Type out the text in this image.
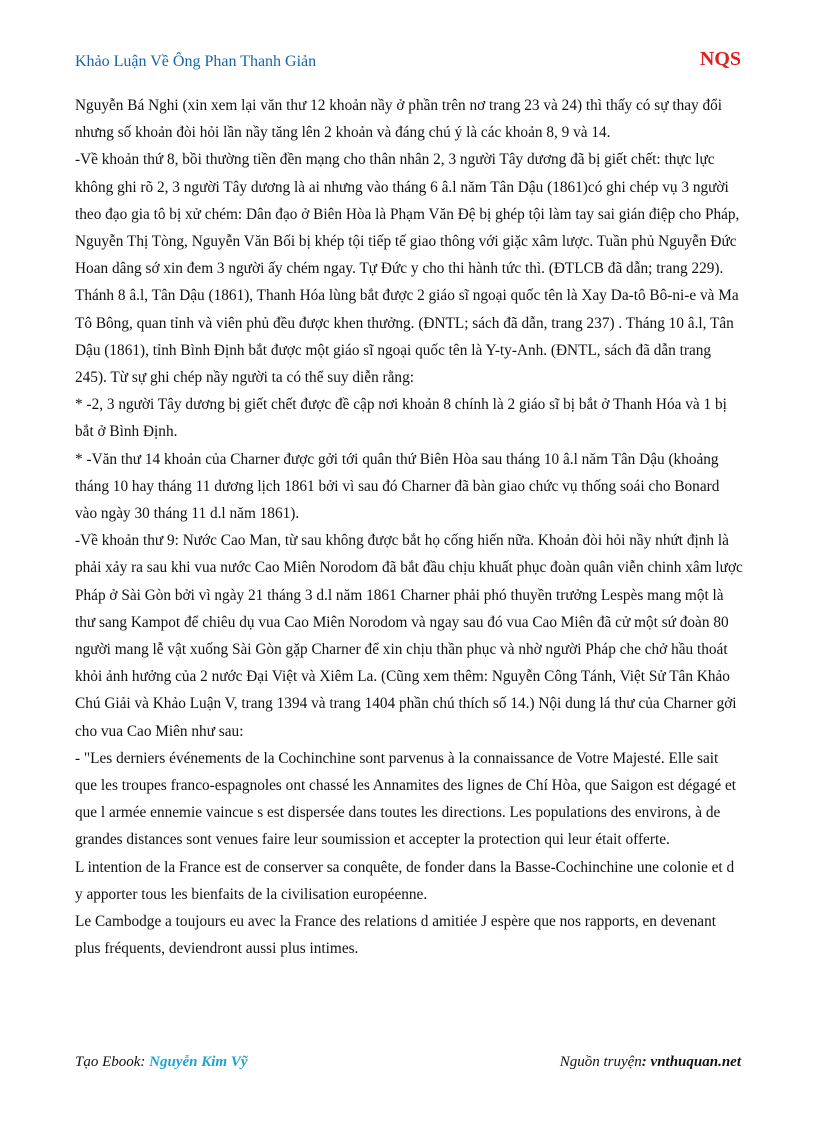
Khảo Luận Về Ông Phan Thanh Giản	NQS

Nguyễn Bá Nghi (xin xem lại văn thư 12 khoản nầy ở phần trên nơ trang 23 và 24) thì thấy có sự thay đổi nhưng số khoản đòi hỏi lần nầy tăng lên 2 khoản và đáng chú ý là các khoản 8, 9 và 14.

-Về khoản thứ 8, bồi thường tiền đền mạng cho thân nhân 2, 3 người Tây dương đã bị giết chết: thực lực không ghi rõ 2, 3 người Tây dương là ai nhưng vào tháng 6 â.l năm Tân Dậu (1861)có ghi chép vụ 3 người theo đạo gia tô bị xử chém: Dân đạo ở Biên Hòa là Phạm Văn Đệ bị ghép tội làm tay sai gián điệp cho Pháp, Nguyễn Thị Tòng, Nguyễn Văn Bối bị khép tội tiếp tế giao thông với giặc xâm lược. Tuần phủ Nguyễn Đức Hoan dâng sớ xin đem 3 người ấy chém ngay. Tự Đức y cho thi hành tức thì. (ĐTLCB đã dẫn; trang 229).

Thánh 8 â.l, Tân Dậu (1861), Thanh Hóa lùng bắt được 2 giáo sĩ ngoại quốc tên là Xay Da-tô Bô-ni-e và Ma Tô Bông, quan tỉnh và viên phủ đều được khen thưởng. (ĐNTL; sách đã dẫn, trang 237) . Tháng 10 â.l, Tân Dậu (1861), tỉnh Bình Định bắt được một giáo sĩ ngoại quốc tên là Y-ty-Anh. (ĐNTL, sách đã dẫn trang 245). Từ sự ghi chép nầy người ta có thể suy diễn rằng:

* -2, 3 người Tây dương bị giết chết được đề cập nơi khoản 8 chính là 2 giáo sĩ bị bắt ở Thanh Hóa và 1 bị bắt ở Bình Định.

* -Văn thư 14 khoản của Charner được gởi tới quân thứ Biên Hòa sau tháng 10 â.l năm Tân Dậu (khoảng tháng 10 hay tháng 11 dương lịch 1861 bởi vì sau đó Charner đã bàn giao chức vụ thống soái cho Bonard vào ngày 30 tháng 11 d.l năm 1861).

-Về khoản thư 9: Nước Cao Man, từ sau không được bắt họ cống hiến nữa. Khoản đòi hỏi nầy nhứt định là phải xảy ra sau khi vua nước Cao Miên Norodom đã bắt đầu chịu khuất phục đoàn quân viễn chinh xâm lược Pháp ở Sài Gòn bởi vì ngày 21 tháng 3 d.l năm 1861 Charner phải phó thuyền trưởng Lespès mang một là thư sang Kampot để chiêu dụ vua Cao Miên Norodom và ngay sau đó vua Cao Miên đã cử một sứ đoàn 80 người mang lễ vật xuống Sài Gòn gặp Charner để xin chịu thần phục và nhờ người Pháp che chở hầu thoát khỏi ảnh hưởng của 2 nước Đại Việt và Xiêm La. (Cũng xem thêm: Nguyễn Công Tánh, Việt Sử Tân Khảo Chú Giải và Khảo Luận V, trang 1394 và trang 1404 phần chú thích số 14.) Nội dung lá thư của Charner gởi cho vua Cao Miên như sau:

- "Les derniers événements de la Cochinchine sont parvenus à la connaissance de Votre Majesté. Elle sait que les troupes franco-espagnoles ont chassé les Annamites des lignes de Chí Hòa, que Saigon est dégagé et que l armée ennemie vaincue s est dispersée dans toutes les directions. Les populations des environs, à de grandes distances sont venues faire leur soumission et accepter la protection qui leur était offerte.

L intention de la France est de conserver sa conquête, de fonder dans la Basse-Cochinchine une colonie et d y apporter tous les bienfaits de la civilisation européenne.

Le Cambodge a toujours eu avec la France des relations d amitiée J espère que nos rapports, en devenant plus fréquents, deviendront aussi plus intimes.

Tạo Ebook: Nguyễn Kim Vỹ	Nguồn truyện: vnthuquan.net
